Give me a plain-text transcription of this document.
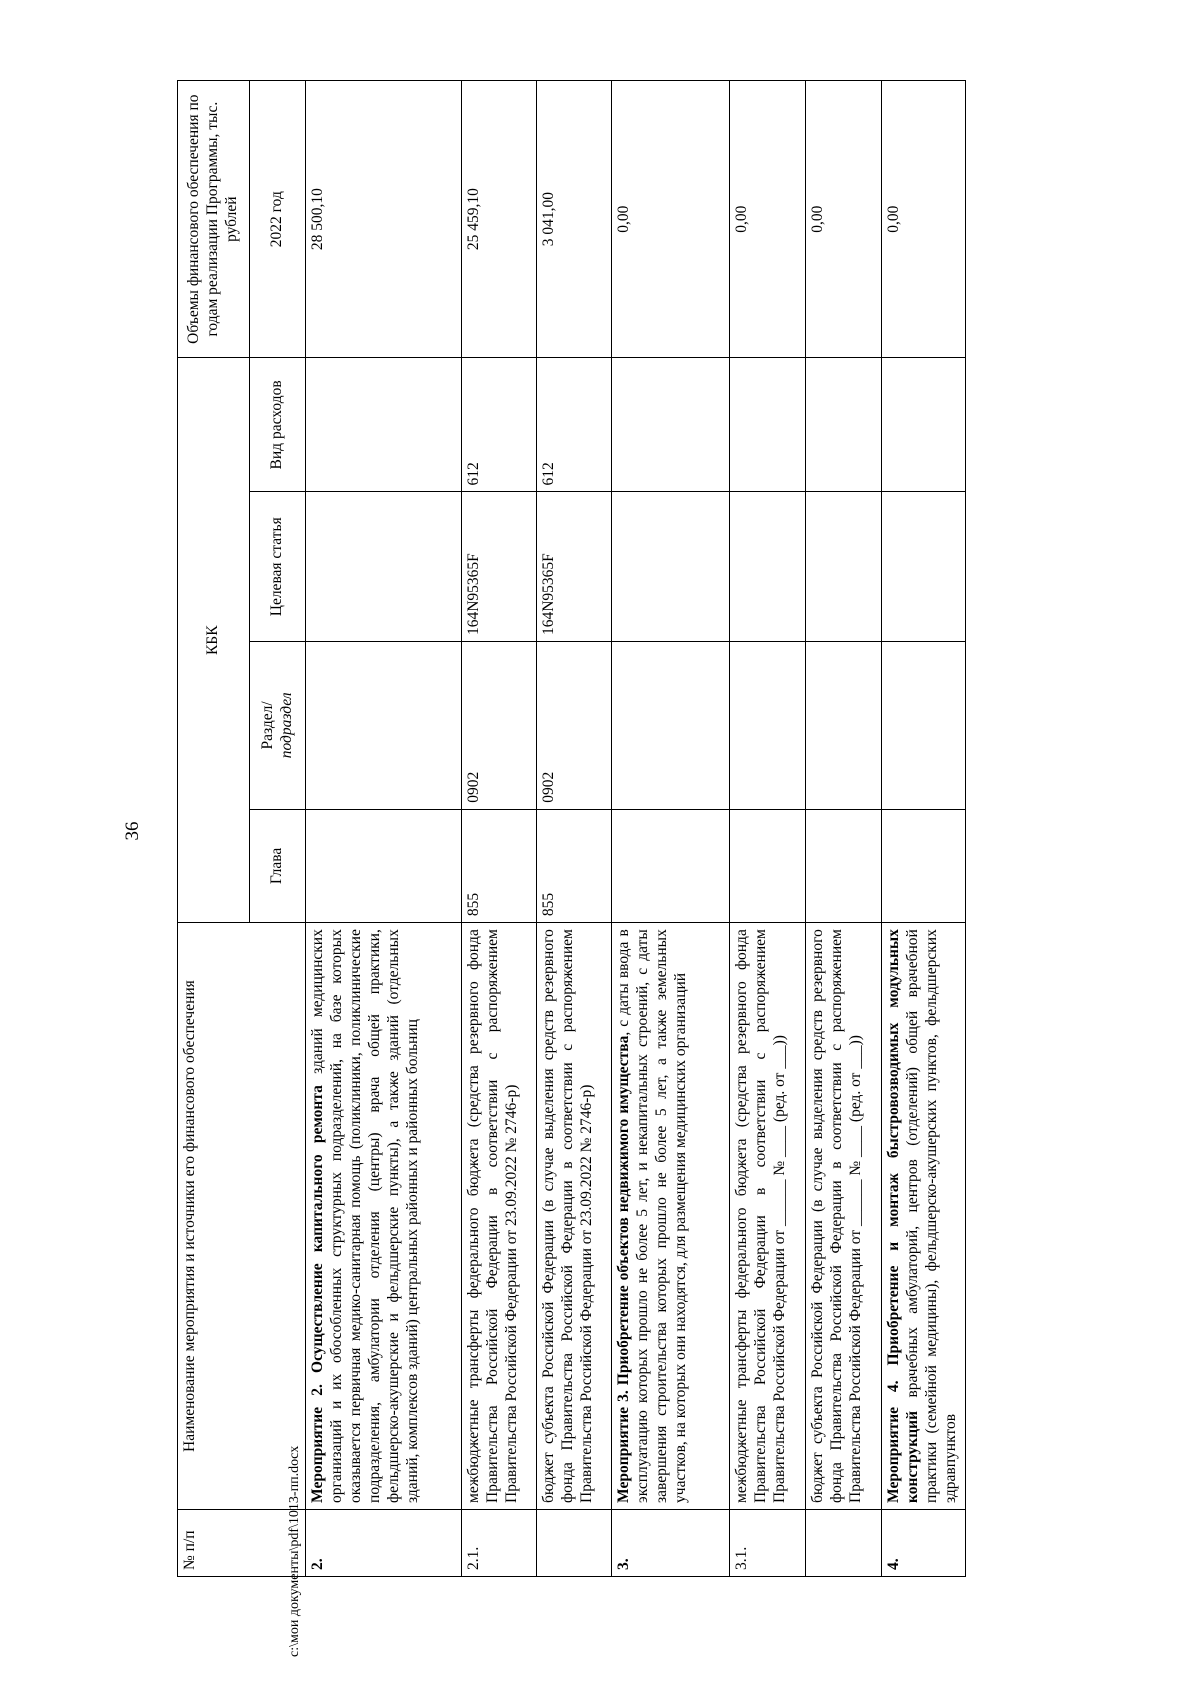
36
№ п/п	Наименование мероприятия и источники его финансового обеспечения	КБК				Объемы финансового обеспечения по годам реализации Программы, тыс. рублей
		Глава	Раздел/ подраздел	Целевая статья	Вид расходов	2022 год
2.	Мероприятие 2. Осуществление капитального ремонта зданий медицинских организаций и их обособленных структурных подразделений, на базе которых оказывается первичная медико-санитарная помощь (поликлиники, поликлинические подразделения, амбулатории отделения (центры) врача общей практики, фельдшерско-акушерские и фельдшерские пункты), а также зданий (отдельных зданий, комплексов зданий) центральных районных и районных больниц					28 500,10
2.1.	межбюджетные трансферты федерального бюджета (средства резервного фонда Правительства Российской Федерации в соответствии с распоряжением Правительства Российской Федерации от 23.09.2022 № 2746-р)	855	0902	164N95365F	612	25 459,10
	бюджет субъекта Российской Федерации (в случае выделения средств резервного фонда Правительства Российской Федерации в соответствии с распоряжением Правительства Российской Федерации от 23.09.2022 № 2746-р)	855	0902	164N95365F	612	3 041,00
3.	Мероприятие 3. Приобретение объектов недвижимого имущества, с даты ввода в эксплуатацию которых прошло не более 5 лет, и некапитальных строений, с даты завершения строительства которых прошло не более 5 лет, а также земельных участков, на которых они находятся, для размещения медицинских организаций					0,00
3.1.	межбюджетные трансферты федерального бюджета (средства резервного фонда Правительства Российской Федерации в соответствии с распоряжением Правительства Российской Федерации от ______ № ____ (ред. от ___))					0,00
	бюджет субъекта Российской Федерации (в случае выделения средств резервного фонда Правительства Российской Федерации в соответствии с распоряжением Правительства Российской Федерации от ______ № ____ (ред. от ___))					0,00
4.	Мероприятие 4. Приобретение и монтаж быстровозводимых модульных конструкций врачебных амбулаторий, центров (отделений) общей врачебной практики (семейной медицины), фельдшерско-акушерских пунктов, фельдшерских здравпунктов					0,00
c:\мои документы\pdf\1013-пп.docx
